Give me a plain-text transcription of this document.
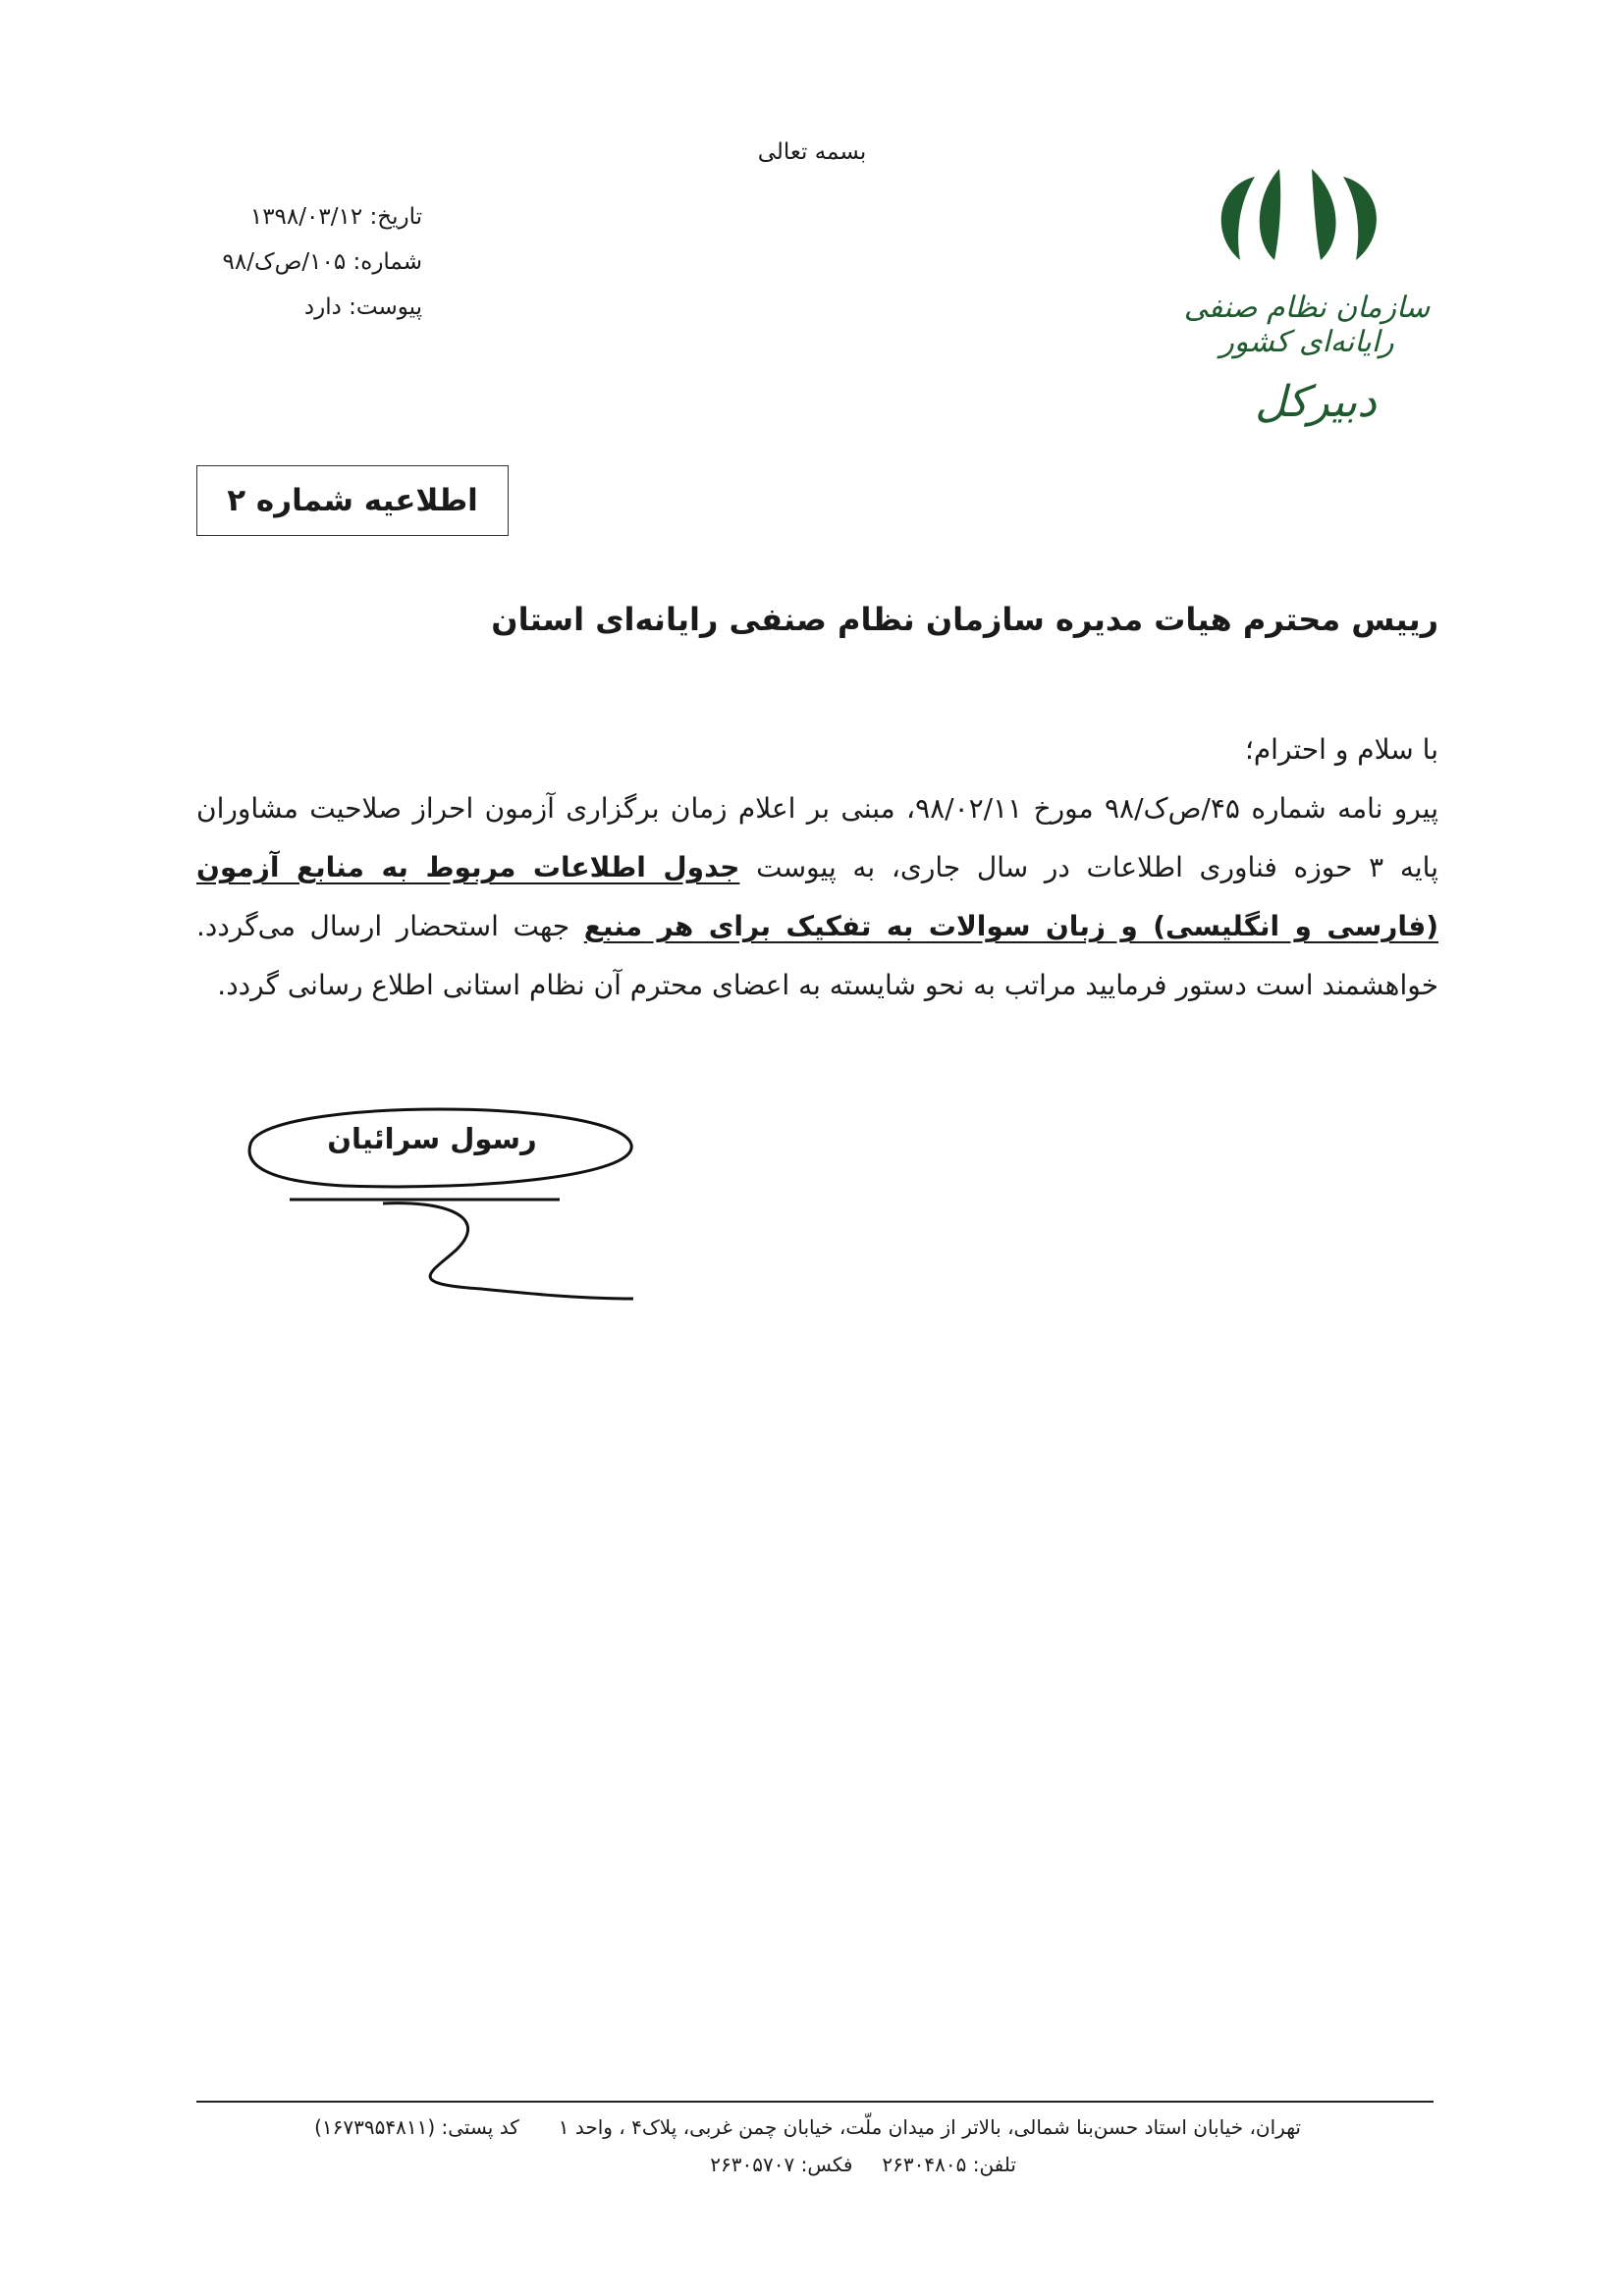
بسمه تعالی
تاریخ: ۱۳۹۸/۰۳/۱۲
شماره: ۱۰۵/ص‌ک/۹۸
پیوست: دارد	سازمان نظام صنفی رایانه‌ای کشور
دبیرکل
اطلاعیه شماره ۲
رییس محترم هیات مدیره سازمان نظام صنفی رایانه‌ای استان

با سلام و احترام؛

پیرو نامه شماره ۴۵/ص‌ک/۹۸ مورخ ۹۸/۰۲/۱۱، مبنی بر اعلام زمان برگزاری آزمون احراز صلاحیت مشاوران پایه ۳ حوزه فناوری اطلاعات در سال جاری، به پیوست جدول اطلاعات مربوط به منابع آزمون (فارسی و انگلیسی) و زبان سوالات به تفکیک برای هر منبع جهت استحضار ارسال می‌گردد. خواهشمند است دستور فرمایید مراتب به نحو شایسته به اعضای محترم آن نظام استانی اطلاع رسانی گردد.

رسول سرائیان
تهران، خیابان استاد حسن‌بنا شمالی، بالاتر از میدان ملّت، خیابان چمن غربی، پلاک۴ ، واحد ۱کد پستی: (۱۶۷۳۹۵۴۸۱۱)
تلفن: ۲۶۳۰۴۸۰۵فکس: ۲۶۳۰۵۷۰۷
